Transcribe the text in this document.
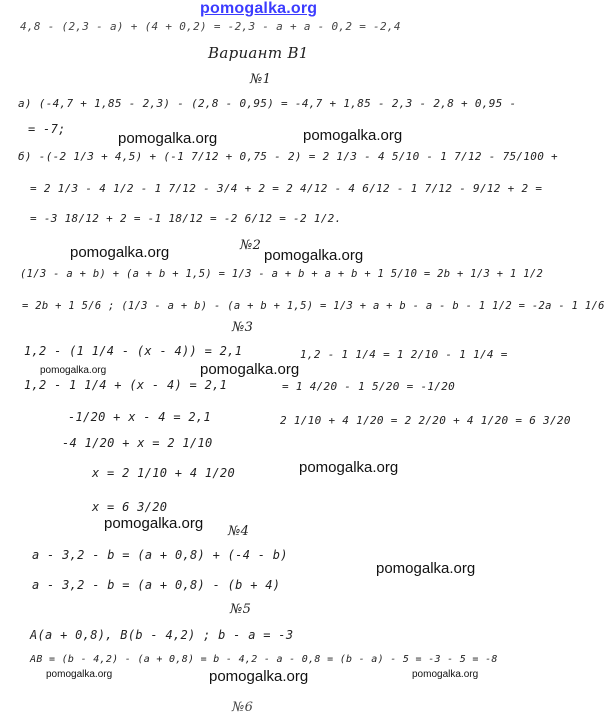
pomogalka.org
4,8 - (2,3 - a) + (4 + 0,2) = -2,3 - a + a - 0,2 = -2,4
Вариант В1
№1
а) (-4,7 + 1,85 - 2,3) - (2,8 - 0,95) = -4,7 + 1,85 - 2,3 - 2,8 + 0,95 -
= -7;
pomogalka.org	pomogalka.org
б) -(-2 1/3 + 4,5) + (-1 7/12 + 0,75 - 2) = 2 1/3 - 4 5/10 - 1 7/12 - 75/100 +
= 2 1/3 - 4 1/2 - 1 7/12 - 3/4 + 2 = 2 4/12 - 4 6/12 - 1 7/12 - 9/12 + 2 =
= -3 18/12 + 2 = -1 18/12 = -2 6/12 = -2 1/2.
№2
pomogalka.org	pomogalka.org
(1/3 - a + b) + (a + b + 1,5) = 1/3 - a + b + a + b + 1 5/10 = 2b + 1/3 + 1 1/2
= 2b + 1 5/6 ; (1/3 - a + b) - (a + b + 1,5) = 1/3 + a + b - a - b - 1 1/2 = -2a - 1 1/6
№3
1,2 - (1 1/4 - (x - 4)) = 2,1
pomogalka.org	pomogalka.org
1,2 - 1 1/4 + (x - 4) = 2,1
-1/20 + x - 4 = 2,1
-4 1/20 + x = 2 1/10
x = 2 1/10 + 4 1/20
x = 6 3/20
1,2 - 1 1/4 = 1 2/10 - 1 1/4 =
= 1 4/20 - 1 5/20 = -1/20
2 1/10 + 4 1/20 = 2 2/20 + 4 1/20 = 6 3/20
pomogalka.org
pomogalka.org №4
a - 3,2 - b = (a + 0,8) + (-4 - b)
pomogalka.org
a - 3,2 - b = (a + 0,8) - (b + 4)
№5
A(a + 0,8), B(b - 4,2) ; b - a = -3
AB = (b - 4,2) - (a + 0,8) = b - 4,2 - a - 0,8 = (b - a) - 5 = -3 - 5 = -8
pomogalka.org	pomogalka.org	pomogalka.org
№6
